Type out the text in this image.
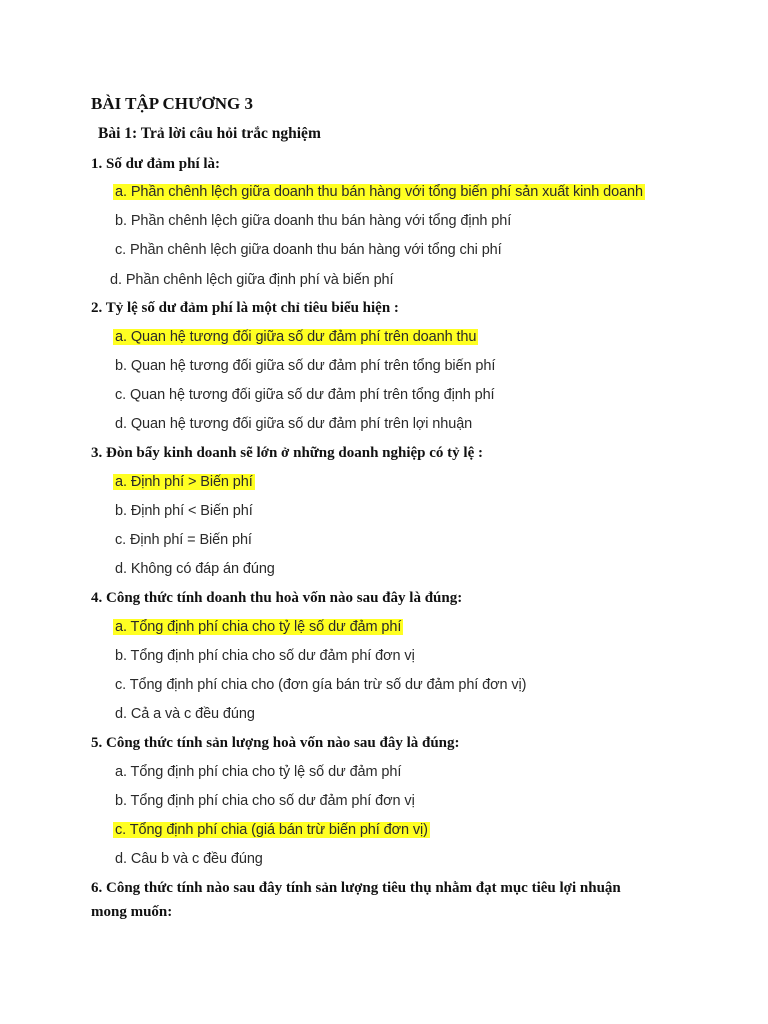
BÀI TẬP CHƯƠNG 3
Bài 1: Trả lời câu hỏi trắc nghiệm
1. Số dư đảm phí là:
a. Phần chênh lệch giữa doanh thu bán hàng với tổng biến phí sản xuất kinh doanh
b. Phần chênh lệch giữa doanh thu bán hàng với tổng định phí
c. Phần chênh lệch giữa doanh thu bán hàng với tổng chi phí
d. Phần chênh lệch giữa định phí và biến phí
2. Tỷ lệ số dư đảm phí là một chỉ tiêu biểu hiện :
a. Quan hệ tương đối giữa số dư đảm phí trên doanh thu
b. Quan hệ tương đối giữa số dư đảm phí trên tổng biến phí
c. Quan hệ tương đối giữa số dư đảm phí trên tổng định phí
d. Quan hệ tương đối giữa số dư đảm phí trên lợi nhuận
3. Đòn bẩy kinh doanh sẽ lớn ở những doanh nghiệp có tỷ lệ :
a. Định phí > Biến phí
b. Định phí < Biến phí
c. Định phí = Biến phí
d. Không có đáp án đúng
4. Công thức tính doanh thu hoà vốn nào sau đây là đúng:
a. Tổng định phí chia cho tỷ lệ số dư đảm phí
b. Tổng định phí chia cho số dư đảm phí đơn vị
c. Tổng định phí chia cho (đơn gía bán trừ số dư đảm phí đơn vị)
d. Cả a và c đều đúng
5. Công thức tính sản lượng hoà vốn nào sau đây là đúng:
a. Tổng định phí chia cho tỷ lệ số dư đảm phí
b. Tổng định phí chia cho số dư đảm phí đơn vị
c. Tổng định phí chia (giá bán trừ biến phí đơn vị)
d. Câu b và c đều đúng
6. Công thức tính nào sau đây tính sản lượng tiêu thụ nhằm đạt mục tiêu lợi nhuận
mong muốn:
